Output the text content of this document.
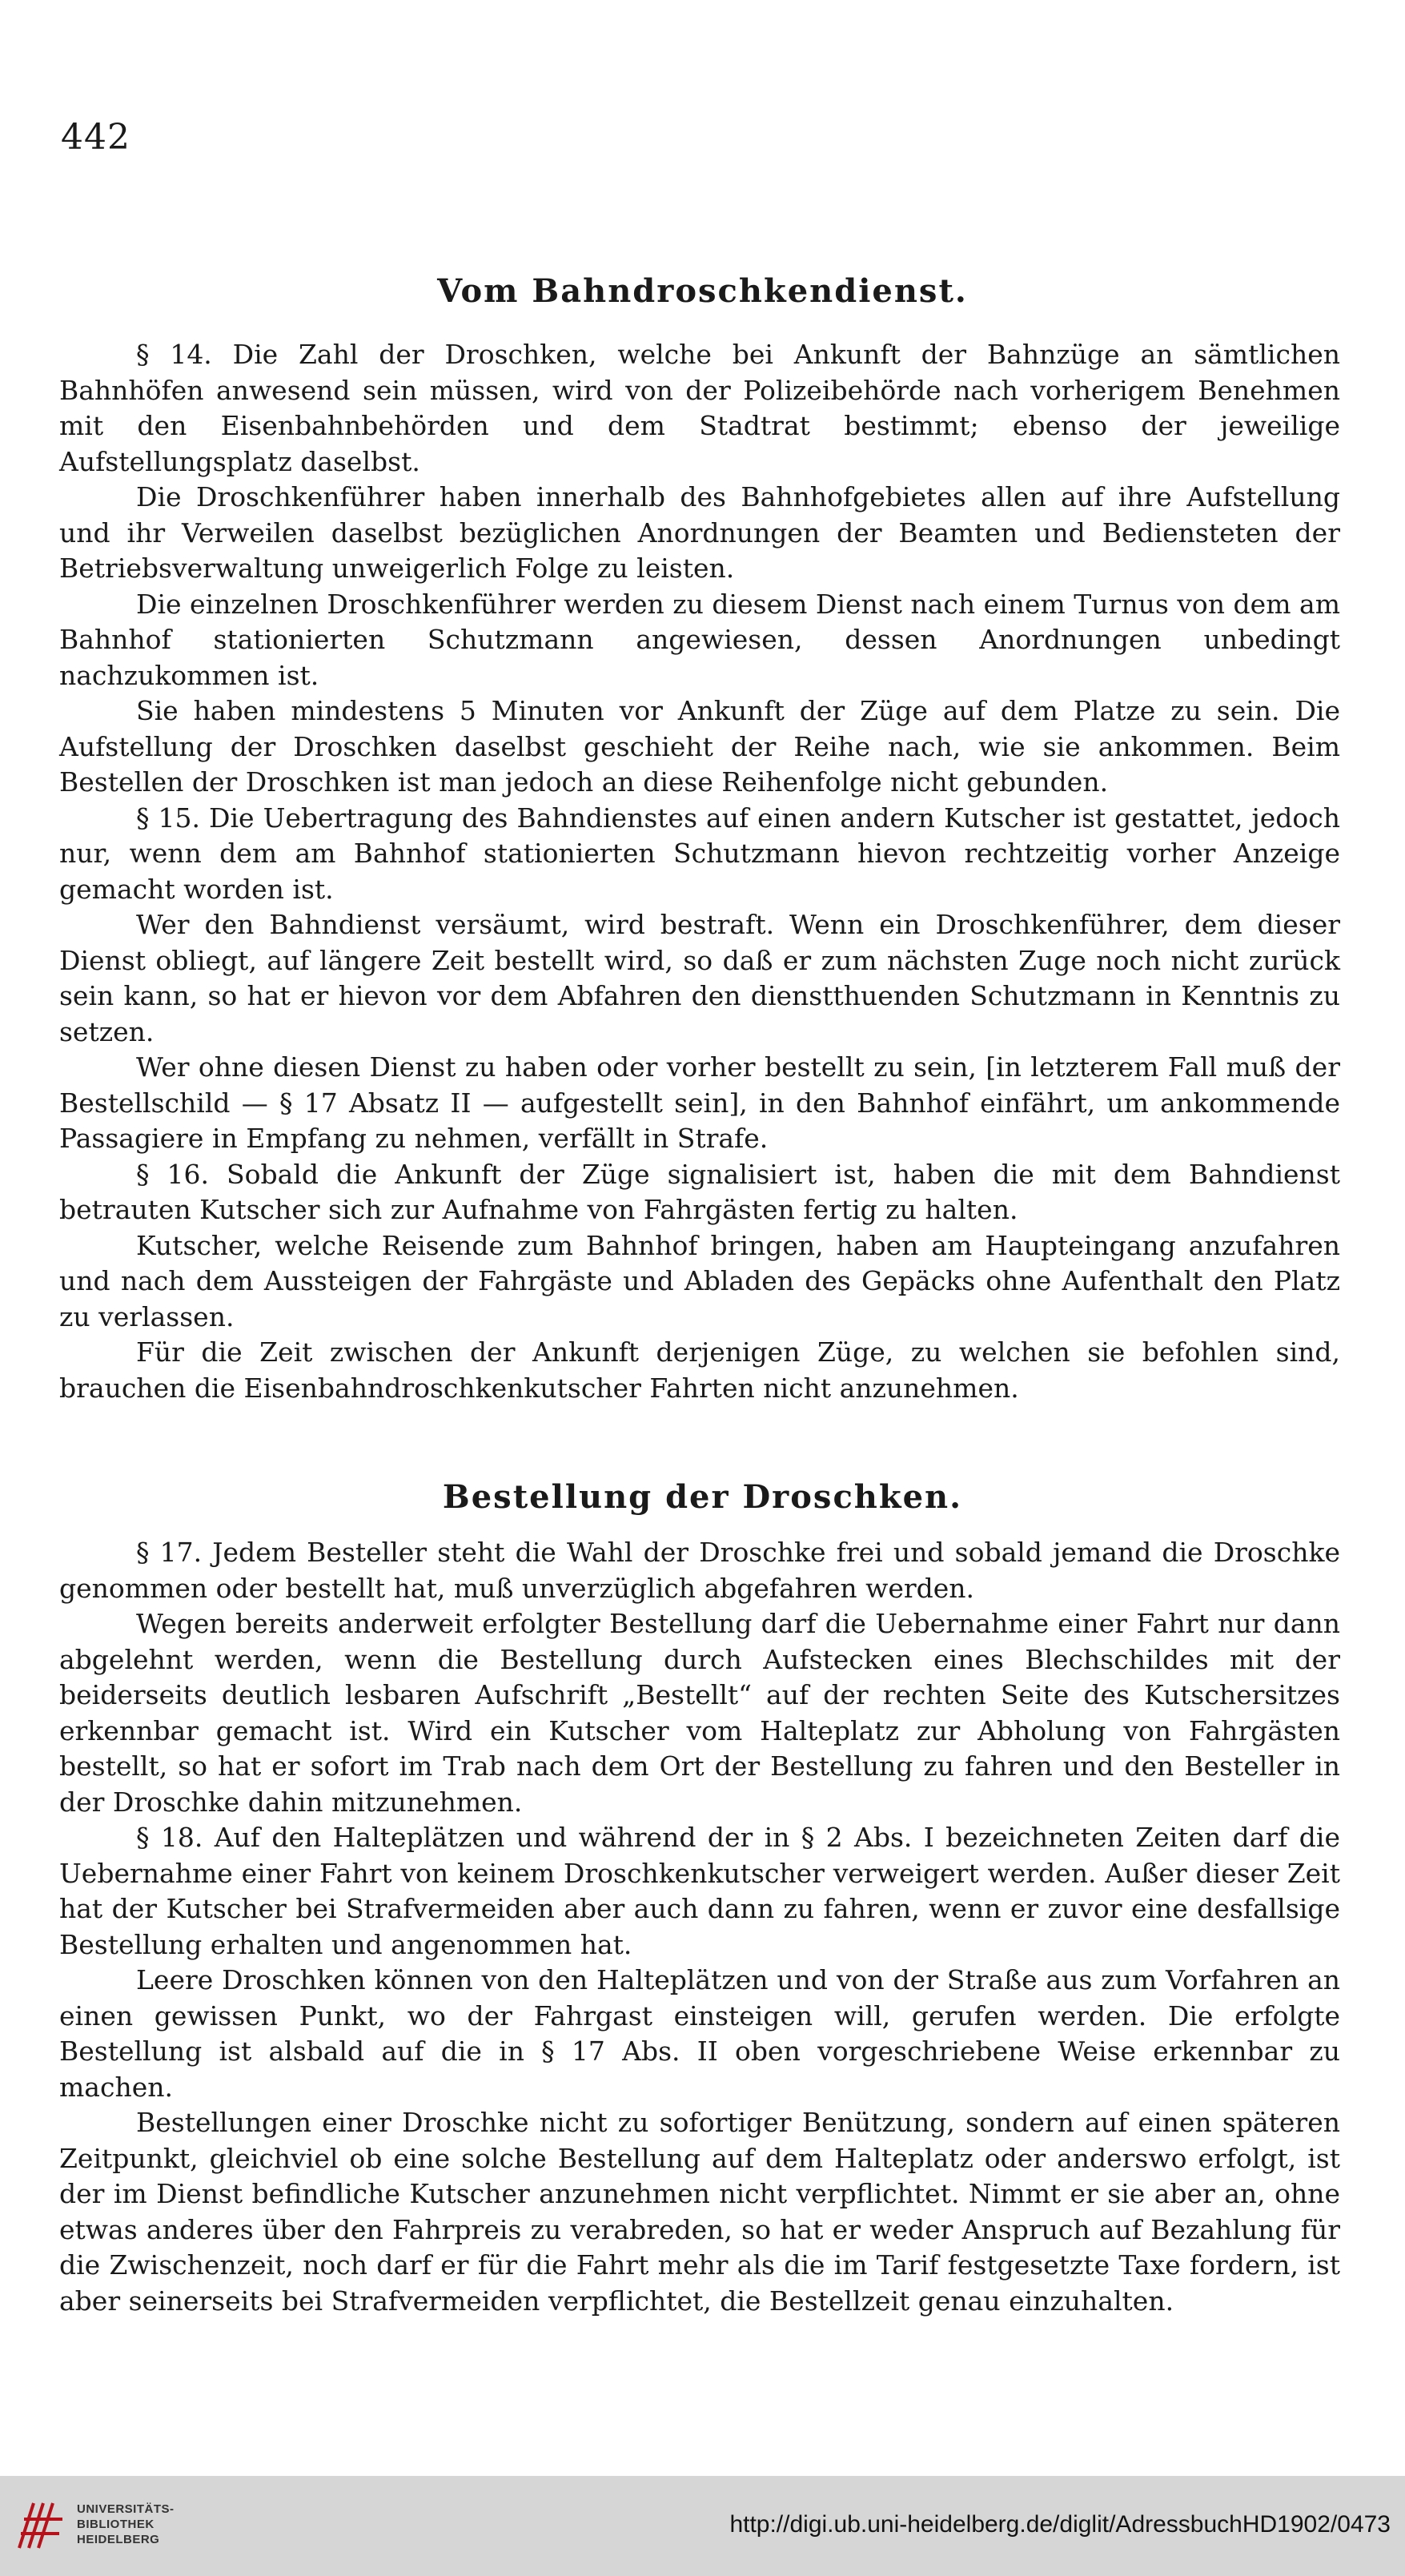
442
Vom Bahndroschkendienst.

§ 14. Die Zahl der Droschken, welche bei Ankunft der Bahnzüge an sämtlichen Bahnhöfen anwesend sein müssen, wird von der Polizeibehörde nach vorherigem Benehmen mit den Eisenbahnbehörden und dem Stadtrat bestimmt; ebenso der jeweilige Aufstellungsplatz daselbst.

Die Droschkenführer haben innerhalb des Bahnhofgebietes allen auf ihre Aufstellung und ihr Verweilen daselbst bezüglichen Anordnungen der Beamten und Bediensteten der Betriebsverwaltung unweigerlich Folge zu leisten.

Die einzelnen Droschkenführer werden zu diesem Dienst nach einem Turnus von dem am Bahnhof stationierten Schutzmann angewiesen, dessen Anordnungen unbedingt nachzukommen ist.

Sie haben mindestens 5 Minuten vor Ankunft der Züge auf dem Platze zu sein. Die Aufstellung der Droschken daselbst geschieht der Reihe nach, wie sie ankommen. Beim Bestellen der Droschken ist man jedoch an diese Reihenfolge nicht gebunden.

§ 15. Die Uebertragung des Bahndienstes auf einen andern Kutscher ist gestattet, jedoch nur, wenn dem am Bahnhof stationierten Schutzmann hievon rechtzeitig vorher Anzeige gemacht worden ist.

Wer den Bahndienst versäumt, wird bestraft. Wenn ein Droschkenführer, dem dieser Dienst obliegt, auf längere Zeit bestellt wird, so daß er zum nächsten Zuge noch nicht zurück sein kann, so hat er hievon vor dem Abfahren den dienstthuenden Schutzmann in Kenntnis zu setzen.

Wer ohne diesen Dienst zu haben oder vorher bestellt zu sein, [in letzterem Fall muß der Bestellschild — § 17 Absatz II — aufgestellt sein], in den Bahnhof einfährt, um ankommende Passagiere in Empfang zu nehmen, verfällt in Strafe.

§ 16. Sobald die Ankunft der Züge signalisiert ist, haben die mit dem Bahndienst betrauten Kutscher sich zur Aufnahme von Fahrgästen fertig zu halten.

Kutscher, welche Reisende zum Bahnhof bringen, haben am Haupteingang anzufahren und nach dem Aussteigen der Fahrgäste und Abladen des Gepäcks ohne Aufenthalt den Platz zu verlassen.

Für die Zeit zwischen der Ankunft derjenigen Züge, zu welchen sie befohlen sind, brauchen die Eisenbahndroschkenkutscher Fahrten nicht anzunehmen.

Bestellung der Droschken.

§ 17. Jedem Besteller steht die Wahl der Droschke frei und sobald jemand die Droschke genommen oder bestellt hat, muß unverzüglich abgefahren werden.

Wegen bereits anderweit erfolgter Bestellung darf die Uebernahme einer Fahrt nur dann abgelehnt werden, wenn die Bestellung durch Aufstecken eines Blechschildes mit der beiderseits deutlich lesbaren Aufschrift „Bestellt“ auf der rechten Seite des Kutschersitzes erkennbar gemacht ist. Wird ein Kutscher vom Halteplatz zur Abholung von Fahrgästen bestellt, so hat er sofort im Trab nach dem Ort der Bestellung zu fahren und den Besteller in der Droschke dahin mitzunehmen.

§ 18. Auf den Halteplätzen und während der in § 2 Abs. I bezeichneten Zeiten darf die Uebernahme einer Fahrt von keinem Droschkenkutscher verweigert werden. Außer dieser Zeit hat der Kutscher bei Strafvermeiden aber auch dann zu fahren, wenn er zuvor eine desfallsige Bestellung erhalten und angenommen hat.

Leere Droschken können von den Halteplätzen und von der Straße aus zum Vorfahren an einen gewissen Punkt, wo der Fahrgast einsteigen will, gerufen werden. Die erfolgte Bestellung ist alsbald auf die in § 17 Abs. II oben vorgeschriebene Weise erkennbar zu machen.

Bestellungen einer Droschke nicht zu sofortiger Benützung, sondern auf einen späteren Zeitpunkt, gleichviel ob eine solche Bestellung auf dem Halteplatz oder anderswo erfolgt, ist der im Dienst befindliche Kutscher anzunehmen nicht verpflichtet. Nimmt er sie aber an, ohne etwas anderes über den Fahrpreis zu verabreden, so hat er weder Anspruch auf Bezahlung für die Zwischenzeit, noch darf er für die Fahrt mehr als die im Tarif festgesetzte Taxe fordern, ist aber seinerseits bei Strafvermeiden verpflichtet, die Bestellzeit genau einzuhalten.

UNIVERSITÄTS-
BIBLIOTHEK
HEIDELBERG
http://digi.ub.uni-heidelberg.de/diglit/AdressbuchHD1902/0473
